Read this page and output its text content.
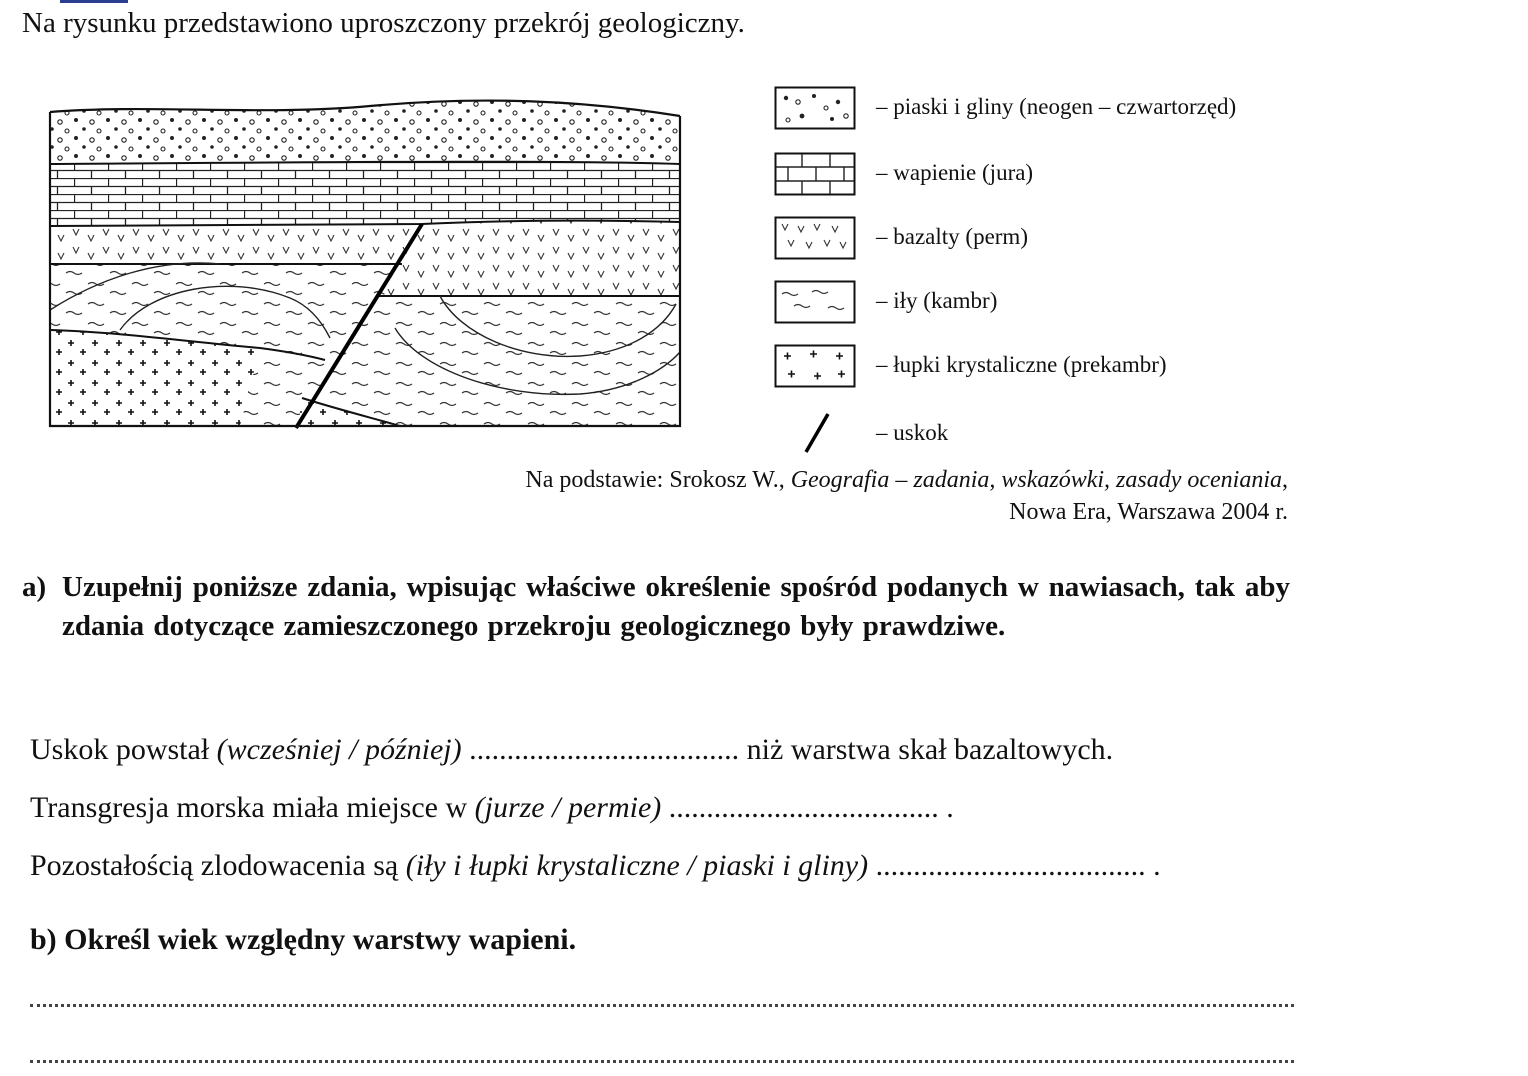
Na rysunku przedstawiono uproszczony przekrój geologiczny.
– piaski i gliny (neogen – czwartorzęd)
– wapienie (jura)
– bazalty (perm)
– iły (kambr)
– łupki krystaliczne (prekambr)
– uskok
Na podstawie: Srokosz W., Geografia – zadania, wskazówki, zasady oceniania,
Nowa Era, Warszawa 2004 r.
a) Uzupełnij poniższe zdania, wpisując właściwe określenie spośród podanych w nawiasach, tak aby zdania dotyczące zamieszczonego przekroju geologicznego były prawdziwe.
Uskok powstał (wcześniej / później) .................................... niż warstwa skał bazaltowych.
Transgresja morska miała miejsce w (jurze / permie) .................................... .
Pozostałością zlodowacenia są (iły i łupki krystaliczne / piaski i gliny) .................................... .
b) Określ wiek względny warstwy wapieni.
